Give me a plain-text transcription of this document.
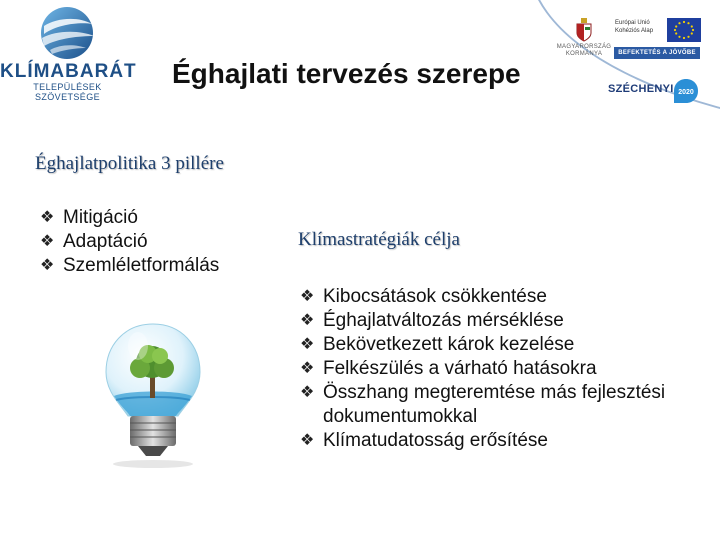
KLÍMABARÁT
TELEPÜLÉSEK SZÖVETSÉGE
Éghajlati tervezés szerepe
MAGYARORSZÁG
KORMÁNYA
Európai Unió
Kohéziós Alap
BEFEKTETÉS A JÖVŐBE
SZÉCHENYI 2020
Éghajlatpolitika 3 pillére
❖ Mitigáció
❖ Adaptáció
❖ Szemléletformálás
Klímastratégiák célja
❖ Kibocsátások csökkentése
❖ Éghajlatváltozás mérséklése
❖ Bekövetkezett károk kezelése
❖ Felkészülés a várható hatásokra
❖ Összhang megteremtése más fejlesztési dokumentumokkal
❖ Klímatudatosság erősítése
